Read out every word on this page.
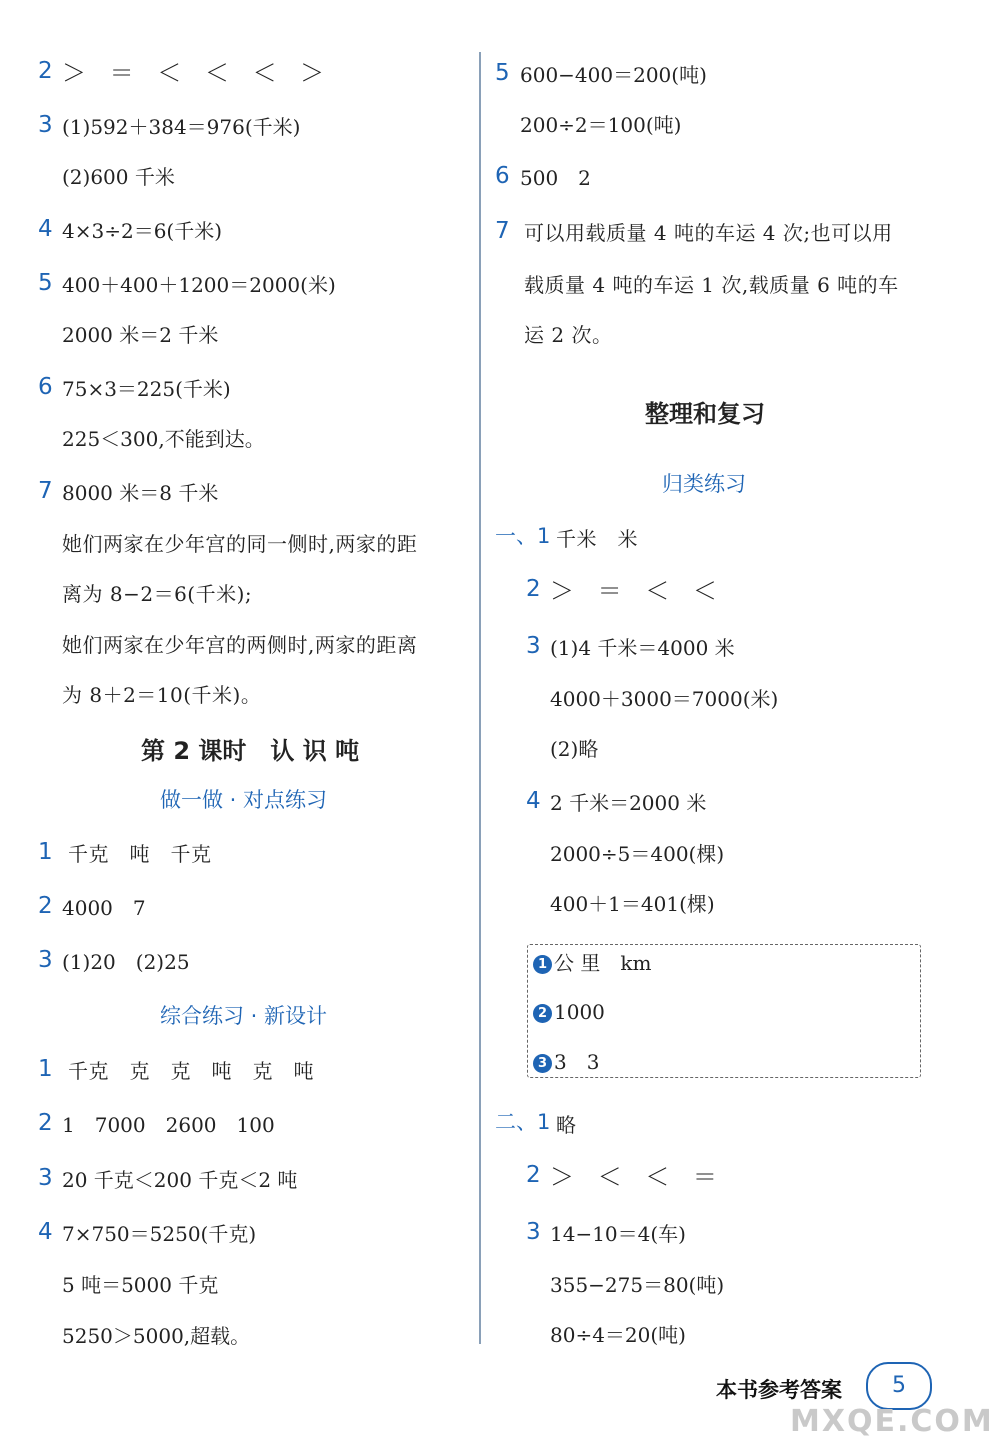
2 ＞ ＝ ＜ ＜ ＜ ＞
3 (1)592＋384＝976(千米)
(2)600 千米
4 4×3÷2＝6(千米)
5 400＋400＋1200＝2000(米)
2000 米＝2 千米
6 75×3＝225(千米)
225＜300,不能到达。
7 8000 米＝8 千米
她们两家在少年宫的同一侧时,两家的距
离为 8−2＝6(千米);
她们两家在少年宫的两侧时,两家的距离
为 8＋2＝10(千米)。
第 2 课时　认 识 吨
做一做 · 对点练习
1 千克　吨　千克
2 4000　7
3 (1)20　(2)25
综合练习 · 新设计
1 千克　克　克　吨　克　吨
2 1　7000　2600　100
3 20 千克＜200 千克＜2 吨
4 7×750＝5250(千克)
5 吨＝5000 千克
5250＞5000,超载。
5 600−400＝200(吨)
200÷2＝100(吨)
6 500　2
7 可以用载质量 4 吨的车运 4 次;也可以用
载质量 4 吨的车运 1 次,载质量 6 吨的车
运 2 次。
整理和复习
归类练习
一、1 千米　米
2 ＞ ＝ ＜ ＜
3 (1)4 千米＝4000 米
4000＋3000＝7000(米)
(2)略
4 2 千米＝2000 米
2000÷5＝400(棵)
400＋1＝401(棵)
1 公 里　km
2 1000
3 3　3
二、1 略
2 ＞ ＜ ＜ ＝
3 14−10＝4(车)
355−275＝80(吨)
80÷4＝20(吨)
本书参考答案	5
MXQE.COM
